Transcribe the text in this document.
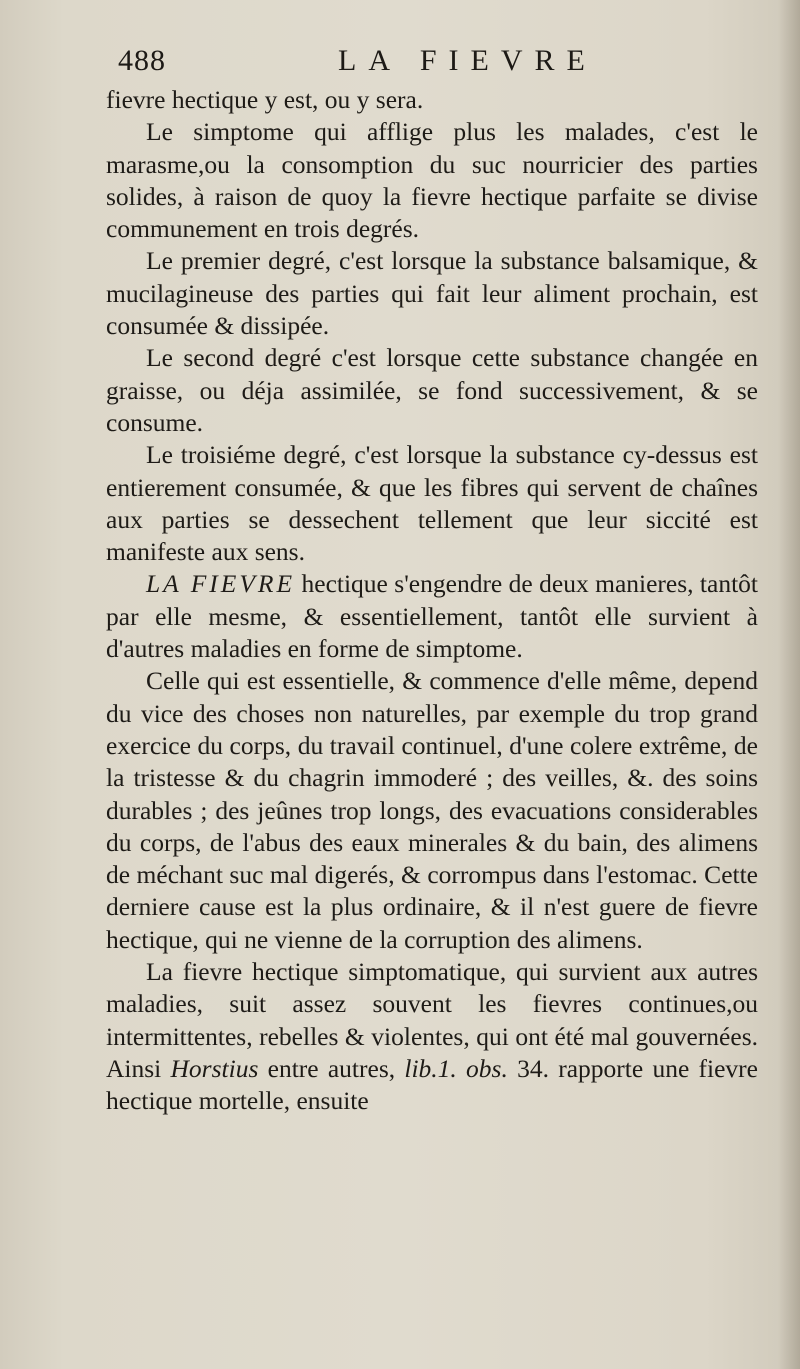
488	LA FIEVRE

fievre hectique y est, ou y sera.

Le simptome qui afflige plus les malades, c'est le marasme,ou la consomption du suc nourricier des parties solides, à raison de quoy la fievre hectique parfaite se divise communement en trois degrés.

Le premier degré, c'est lorsque la substance balsamique, & mucilagineuse des parties qui fait leur aliment prochain, est consumée & dissipée.

Le second degré c'est lorsque cette substance changée en graisse, ou déja assimilée, se fond successivement, & se consume.

Le troisiéme degré, c'est lorsque la substance cy-dessus est entierement consumée, & que les fibres qui servent de chaînes aux parties se dessechent tellement que leur siccité est manifeste aux sens.

LA FIEVRE hectique s'engendre de deux manieres, tantôt par elle mesme, & essentiellement, tantôt elle survient à d'autres maladies en forme de simptome.

Celle qui est essentielle, & commence d'elle même, depend du vice des choses non naturelles, par exemple du trop grand exercice du corps, du travail continuel, d'une colere extrême, de la tristesse & du chagrin immoderé ; des veilles, &. des soins durables ; des jeûnes trop longs, des evacuations considerables du corps, de l'abus des eaux minerales & du bain, des alimens de méchant suc mal digerés, & corrompus dans l'estomac. Cette derniere cause est la plus ordinaire, & il n'est guere de fievre hectique, qui ne vienne de la corruption des alimens.

La fievre hectique simptomatique, qui survient aux autres maladies, suit assez souvent les fievres continues,ou intermittentes, rebelles & violentes, qui ont été mal gouvernées. Ainsi Horstius entre autres, lib.1. obs. 34. rapporte une fievre hectique mortelle, ensuite
